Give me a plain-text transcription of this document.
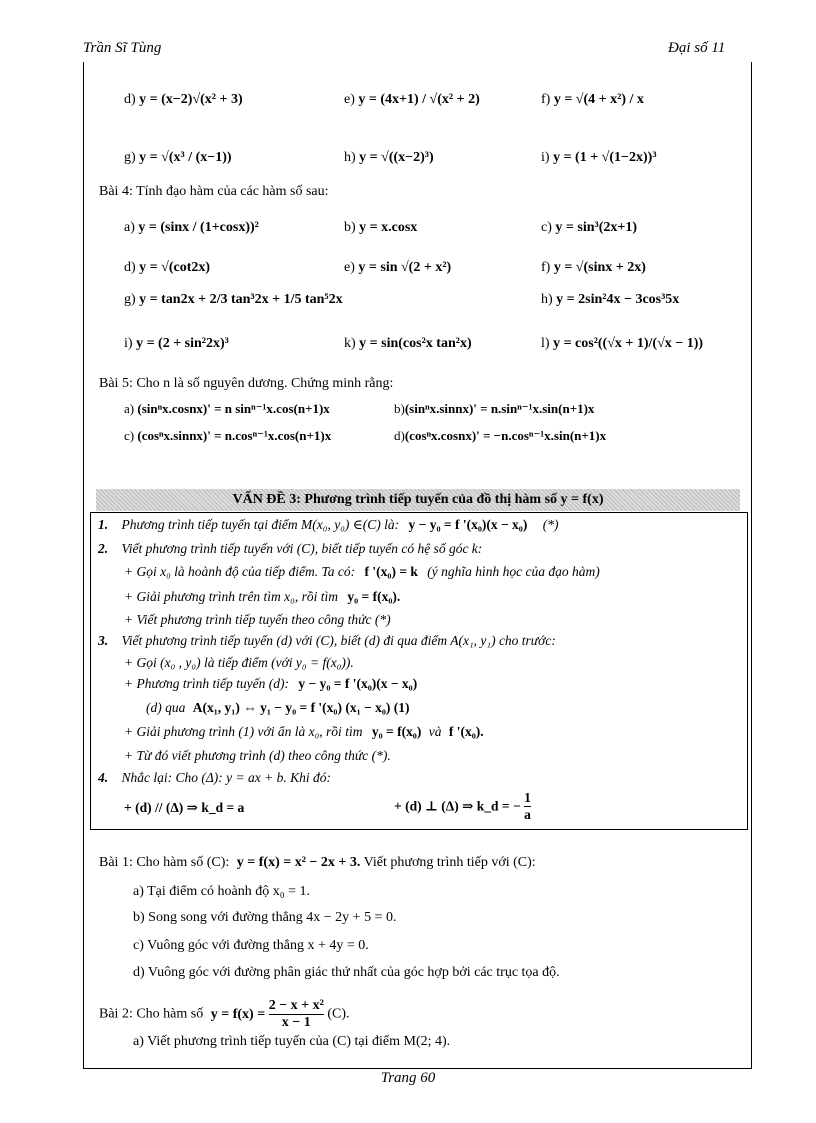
Trần Sĩ Tùng	Đại số 11
d) y = (x−2)√(x² + 3)	e) y = (4x+1) / √(x² + 2)	f) y = √(4 + x²) / x
g) y = √(x³ / (x−1))	h) y = √((x−2)³)	i) y = (1 + √(1−2x))³
Bài 4: Tính đạo hàm của các hàm số sau:
a) y = (sinx / (1+cosx))²	b) y = x.cosx	c) y = sin³(2x+1)
d) y = √(cot2x)	e) y = sin √(2 + x²)	f) y = √(sinx + 2x)
g) y = tan2x + 2/3 tan³2x + 1/5 tan⁵2x	h) y = 2sin²4x − 3cos³5x
i) y = (2 + sin²2x)³	k) y = sin(cos²x tan²x)	l) y = cos²((√x + 1)/(√x − 1))
Bài 5: Cho n là số nguyên dương. Chứng minh rằng:
a) (sinⁿx.cosnx)' = n sinⁿ⁻¹x.cos(n+1)x	b)(sinⁿx.sinnx)' = n.sinⁿ⁻¹x.sin(n+1)x
c) (cosⁿx.sinnx)' = n.cosⁿ⁻¹x.cos(n+1)x	d)(cosⁿx.cosnx)' = −n.cosⁿ⁻¹x.sin(n+1)x
VẤN ĐỀ 3: Phương trình tiếp tuyến của đồ thị hàm số y = f(x)
1. Phương trình tiếp tuyến tại điểm M(x₀, y₀) ∈(C) là: y − y₀ = f '(x₀)(x − x₀) (*)
2. Viết phương trình tiếp tuyến với (C), biết tiếp tuyến có hệ số góc k:
+ Gọi x₀ là hoành độ của tiếp điểm. Ta có: f '(x₀) = k (ý nghĩa hình học của đạo hàm)
+ Giải phương trình trên tìm x₀, rồi tìm y₀ = f(x₀).
+ Viết phương trình tiếp tuyến theo công thức (*)
3. Viết phương trình tiếp tuyến (d) với (C), biết (d) đi qua điểm A(x₁, y₁) cho trước:
+ Gọi (x₀ , y₀) là tiếp điểm (với y₀ = f(x₀)).
+ Phương trình tiếp tuyến (d): y − y₀ = f '(x₀)(x − x₀)
(d) qua A(x₁, y₁) ⇔ y₁ − y₀ = f '(x₀) (x₁ − x₀) (1)
+ Giải phương trình (1) với ẩn là x₀, rồi tìm y₀ = f(x₀) và f '(x₀).
+ Từ đó viết phương trình (d) theo công thức (*).
4. Nhắc lại: Cho (Δ): y = ax + b. Khi đó:
+ (d) // (Δ) ⇒ k_d = a	+ (d) ⊥ (Δ) ⇒ k_d = − $\frac{1}{a}$
Bài 1: Cho hàm số (C): y = f(x) = x² − 2x + 3. Viết phương trình tiếp với (C):
a) Tại điểm có hoành độ x₀ = 1.
b) Song song với đường thẳng 4x − 2y + 5 = 0.
c) Vuông góc với đường thẳng x + 4y = 0.
d) Vuông góc với đường phân giác thứ nhất của góc hợp bởi các trục tọa độ.
Bài 2: Cho hàm số $y = f(x) = \frac{\text{2 − x + x²}}{x - 1} (C)$.
a) Viết phương trình tiếp tuyến của (C) tại điểm M(2; 4).
Trang 60
